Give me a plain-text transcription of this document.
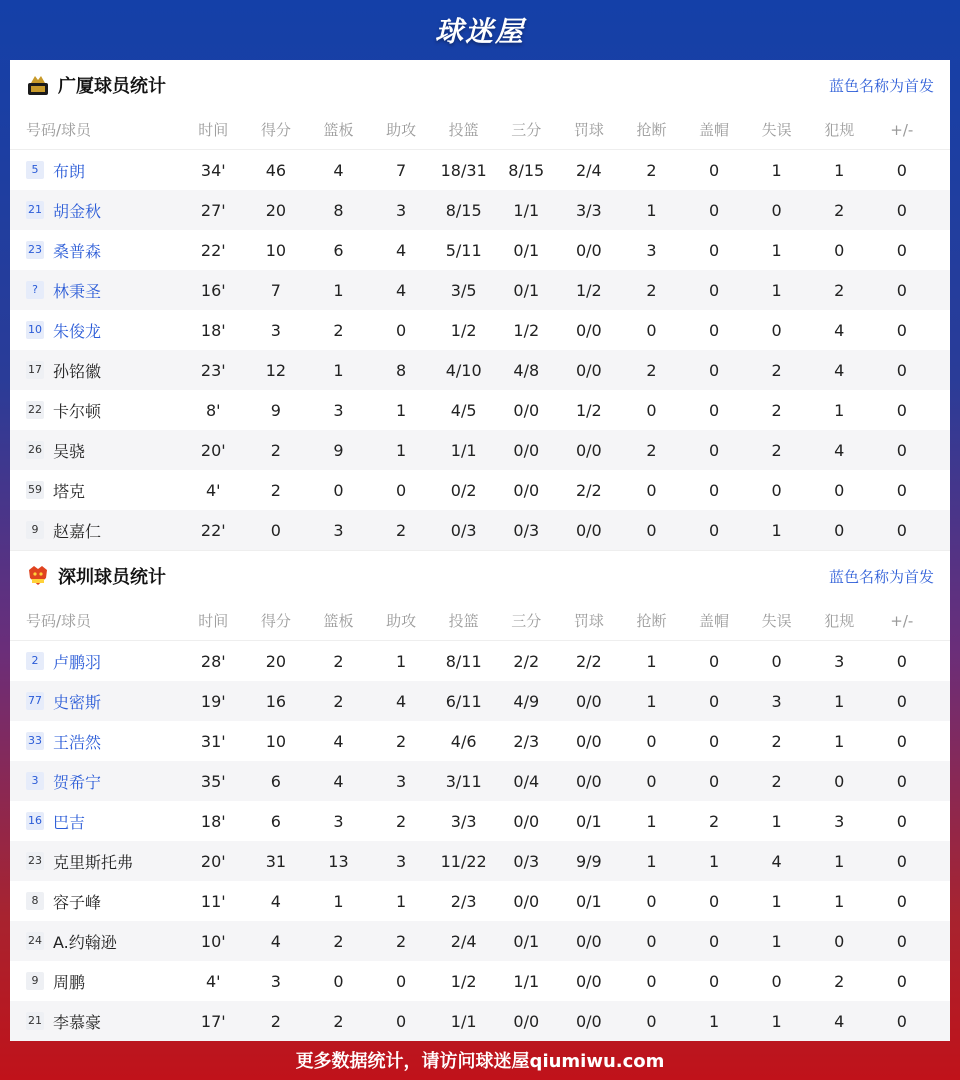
球迷屋
广厦球员统计	蓝色名称为首发
号码/球员	时间	得分	篮板	助攻	投篮	三分	罚球	抢断	盖帽	失误	犯规	+/-
5 布朗	34'	46	4	7	18/31	8/15	2/4	2	0	1	1	0
21 胡金秋	27'	20	8	3	8/15	1/1	3/3	1	0	0	2	0
23 桑普森	22'	10	6	4	5/11	0/1	0/0	3	0	1	0	0
? 林秉圣	16'	7	1	4	3/5	0/1	1/2	2	0	1	2	0
10 朱俊龙	18'	3	2	0	1/2	1/2	0/0	0	0	0	4	0
17 孙铭徽	23'	12	1	8	4/10	4/8	0/0	2	0	2	4	0
22 卡尔顿	8'	9	3	1	4/5	0/0	1/2	0	0	2	1	0
26 吴骁	20'	2	9	1	1/1	0/0	0/0	2	0	2	4	0
59 塔克	4'	2	0	0	0/2	0/0	2/2	0	0	0	0	0
9 赵嘉仁	22'	0	3	2	0/3	0/3	0/0	0	0	1	0	0
深圳球员统计	蓝色名称为首发
号码/球员	时间	得分	篮板	助攻	投篮	三分	罚球	抢断	盖帽	失误	犯规	+/-
2 卢鹏羽	28'	20	2	1	8/11	2/2	2/2	1	0	0	3	0
77 史密斯	19'	16	2	4	6/11	4/9	0/0	1	0	3	1	0
33 王浩然	31'	10	4	2	4/6	2/3	0/0	0	0	2	1	0
3 贺希宁	35'	6	4	3	3/11	0/4	0/0	0	0	2	0	0
16 巴吉	18'	6	3	2	3/3	0/0	0/1	1	2	1	3	0
23 克里斯托弗	20'	31	13	3	11/22	0/3	9/9	1	1	4	1	0
8 容子峰	11'	4	1	1	2/3	0/0	0/1	0	0	1	1	0
24 A.约翰逊	10'	4	2	2	2/4	0/1	0/0	0	0	1	0	0
9 周鹏	4'	3	0	0	1/2	1/1	0/0	0	0	0	2	0
21 李慕豪	17'	2	2	0	1/1	0/0	0/0	0	1	1	4	0
更多数据统计，请访问球迷屋qiumiwu.com
